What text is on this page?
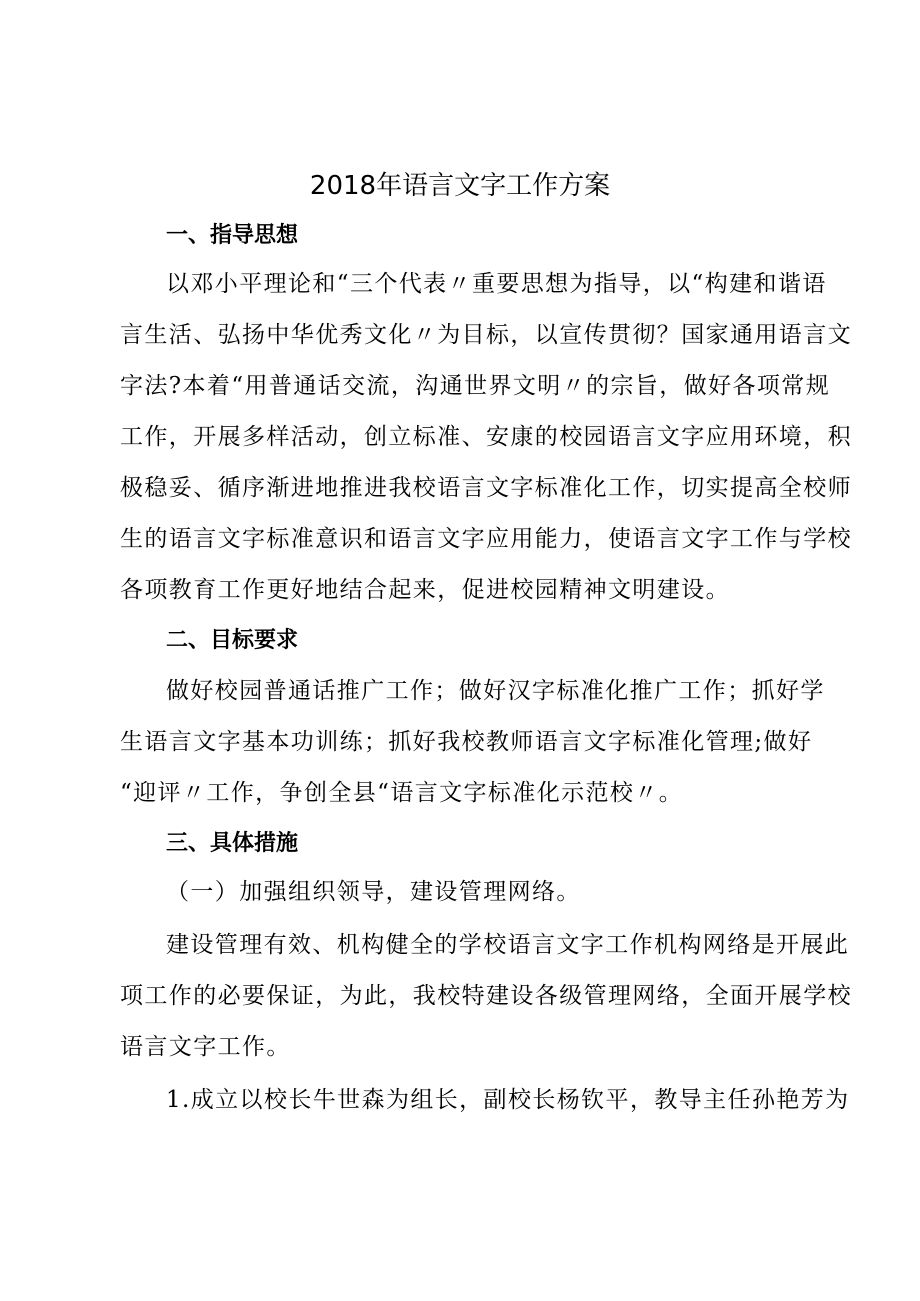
2018年语言文字工作方案
一、指导思想
以邓小平理论和“三个代表〃重要思想为指导，以“构建和谐语
言生活、弘扬中华优秀文化〃为目标，以宣传贯彻？国家通用语言文
字法?本着“用普通话交流，沟通世界文明〃的宗旨，做好各项常规
工作，开展多样活动，创立标准、安康的校园语言文字应用环境，积
极稳妥、循序渐进地推进我校语言文字标准化工作，切实提高全校师
生的语言文字标准意识和语言文字应用能力，使语言文字工作与学校
各项教育工作更好地结合起来，促进校园精神文明建设。
二、目标要求
做好校园普通话推广工作；做好汉字标准化推广工作；抓好学
生语言文字基本功训练；抓好我校教师语言文字标准化管理;做好
“迎评〃工作，争创全县“语言文字标准化示范校〃。
三、具体措施
（一）加强组织领导，建设管理网络。
建设管理有效、机构健全的学校语言文字工作机构网络是开展此
项工作的必要保证，为此，我校特建设各级管理网络，全面开展学校
语言文字工作。
1.成立以校长牛世森为组长，副校长杨钦平，教导主任孙艳芳为
